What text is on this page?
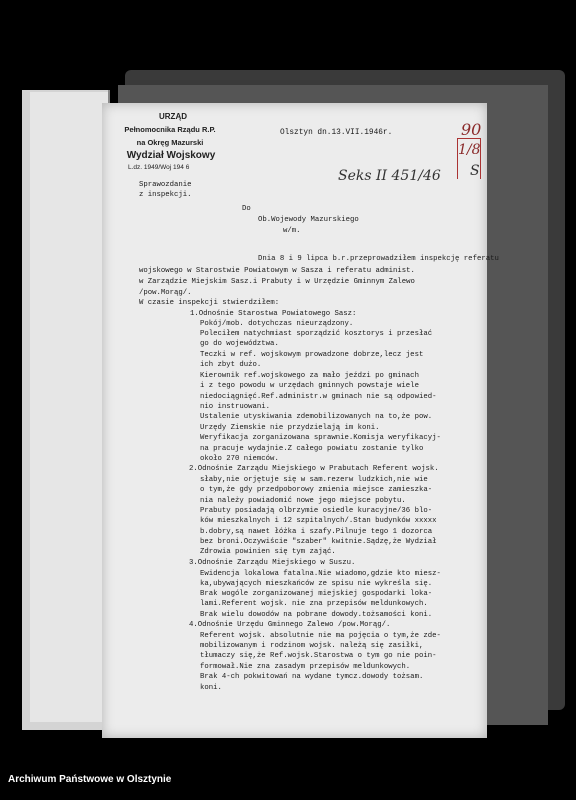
URZĄD
Pełnomocnika Rządu R.P.
na Okręg Mazurski
Wydział Wojskowy
L.dz. 1949/Woj 194 6
Olsztyn dn.13.VII.1946r.
Sprawozdanie
z inspekcji.
90
1/8
S
Seks II 451/46
Do
Ob.Wojewody Mazurskiego
w/m.
Dnia 8 i 9 lipca b.r.przeprowadziłem inspekcję referatu
wojskowego w Starostwie Powiatowym w Sasza i referatu administ.
w Zarządzie Miejskim Sasz.i Prabuty i w Urzędzie Gminnym Zalewo
/pow.Morąg/.
W czasie inspekcji stwierdziłem:
1.Odnośnie Starostwa Powiatowego Sasz:
Pokój/mob. dotychczas nieurządzony.
Poleciłem natychmiast sporządzić kosztorys i przesłać
go do województwa.
Teczki w ref. wojskowym prowadzone dobrze,lecz jest
ich zbyt dużo.
Kierownik ref.wojskowego za mało jeździ po gminach
i z tego powodu w urzędach gminnych powstaje wiele
niedociągnięć.Ref.administr.w gminach nie są odpowied-
nio instruowani.
Ustalenie utyskiwania zdemobilizowanych na to,że pow.
Urzędy Ziemskie nie przydzielają im koni.
Weryfikacja zorganizowana sprawnie.Komisja weryfikacyj-
na pracuje wydajnie.Z całego powiatu zostanie tylko
około 270 niemców.
2.Odnośnie Zarządu Miejskiego w Prabutach Referent wojsk.
słaby,nie orjętuje się w sam.rezerw ludzkich,nie wie
o tym,że gdy przedpoborowy zmienia miejsce zamieszka-
nia należy powiadomić nowe jego miejsce pobytu.
Prabuty posiadają olbrzymie osiedle kuracyjne/36 blo-
ków mieszkalnych i 12 szpitalnych/.Stan budynków xxxxx
b.dobry,są nawet łóżka i szafy.Pilnuje tego 1 dozorca
bez broni.Oczywiście "szaber" kwitnie.Sądzę,że Wydział
Zdrowia powinien się tym zająć.
3.Odnośnie Zarządu Miejskiego w Suszu.
Ewidencja lokalowa fatalna.Nie wiadomo,gdzie kto miesz-
ka,ubywających mieszkańców ze spisu nie wykreśla się.
Brak wogóle zorganizowanej miejskiej gospodarki loka-
lami.Referent wojsk. nie zna przepisów meldunkowych.
Brak wielu dowodów na pobrane dowody.tożsamości koni.
4.Odnośnie Urzędu Gminnego Zalewo /pow.Morąg/.
Referent wojsk. absolutnie nie ma pojęcia o tym,że zde-
mobilizowanym i rodzinom wojsk. należą się zasiłki,
tłumaczy się,że Ref.wojsk.Starostwa o tym go nie poin-
formował.Nie zna zasadym przepisów meldunkowych.
Brak 4-ch pokwitowań na wydane tymcz.dowody tożsam.
koni.
Archiwum Państwowe w Olsztynie
